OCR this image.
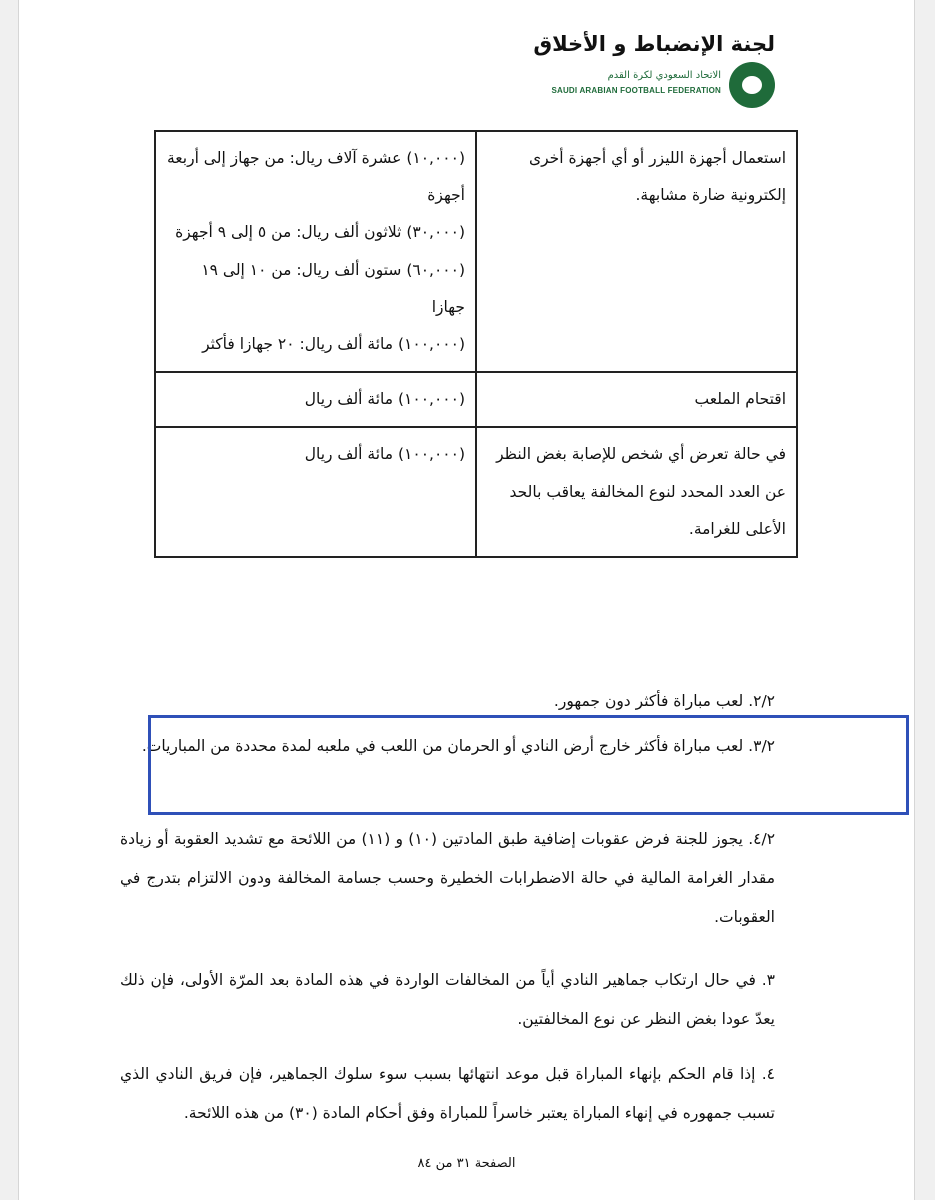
لجنة الإنضباط و الأخلاق
الاتحاد السعودي لكرة القدم
SAUDI ARABIAN FOOTBALL FEDERATION
استعمال أجهزة الليزر أو أي أجهزة أخرى إلكترونية ضارة مشابهة.	(١٠,٠٠٠) عشرة آلاف ريال: من جهاز إلى أربعة أجهزة
(٣٠,٠٠٠) ثلاثون ألف ريال: من ٥ إلى ٩ أجهزة
(٦٠,٠٠٠) ستون ألف ريال: من ١٠ إلى ١٩ جهازا
(١٠٠,٠٠٠) مائة ألف ريال: ٢٠ جهازا فأكثر

اقتحام الملعب	(١٠٠,٠٠٠) مائة ألف ريال

في حالة تعرض أي شخص للإصابة بغض النظر عن العدد المحدد لنوع المخالفة يعاقب بالحد الأعلى للغرامة.	(١٠٠,٠٠٠) مائة ألف ريال
٢/٢. لعب مباراة فأكثر دون جمهور.
٣/٢. لعب مباراة فأكثر خارج أرض النادي أو الحرمان من اللعب في ملعبه لمدة محددة من المباريات.
٤/٢. يجوز للجنة فرض عقوبات إضافية طبق المادتين (١٠) و (١١) من اللائحة مع تشديد العقوبة أو زيادة مقدار الغرامة المالية في حالة الاضطرابات الخطيرة وحسب جسامة المخالفة ودون الالتزام بتدرج في العقوبات.
٣. في حال ارتكاب جماهير النادي أياً من المخالفات الواردة في هذه المادة بعد المرّة الأولى، فإن ذلك يعدّ عودا بغض النظر عن نوع المخالفتين.
٤. إذا قام الحكم بإنهاء المباراة قبل موعد انتهائها بسبب سوء سلوك الجماهير، فإن فريق النادي الذي تسبب جمهوره في إنهاء المباراة يعتبر خاسراً للمباراة وفق أحكام المادة (٣٠) من هذه اللائحة.
الصفحة ٣١ من ٨٤
